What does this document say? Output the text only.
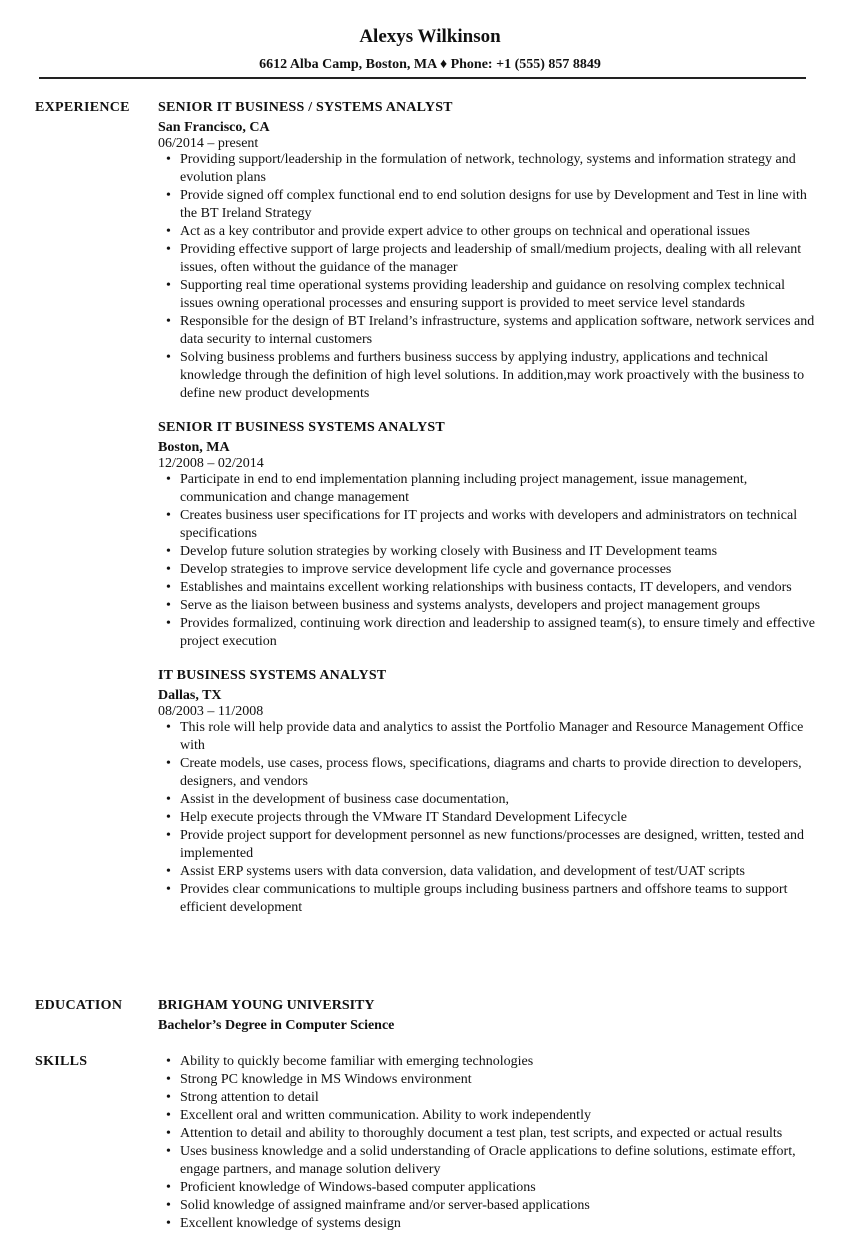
Alexys Wilkinson
6612 Alba Camp, Boston, MA ♦ Phone: +1 (555) 857 8849
EXPERIENCE SENIOR IT BUSINESS / SYSTEMS ANALYST
San Francisco, CA
06/2014 – present
• Providing support/leadership in the formulation of network, technology, systems and information strategy and evolution plans
• Provide signed off complex functional end to end solution designs for use by Development and Test in line with the BT Ireland Strategy
• Act as a key contributor and provide expert advice to other groups on technical and operational issues
• Providing effective support of large projects and leadership of small/medium projects, dealing with all relevant issues, often without the guidance of the manager
• Supporting real time operational systems providing leadership and guidance on resolving complex technical issues owning operational processes and ensuring support is provided to meet service level standards
• Responsible for the design of BT Ireland’s infrastructure, systems and application software, network services and data security to internal customers
• Solving business problems and furthers business success by applying industry, applications and technical knowledge through the definition of high level solutions. In addition,may work proactively with the business to define new product developments
SENIOR IT BUSINESS SYSTEMS ANALYST
Boston, MA
12/2008 – 02/2014
• Participate in end to end implementation planning including project management, issue management, communication and change management
• Creates business user specifications for IT projects and works with developers and administrators on technical specifications
• Develop future solution strategies by working closely with Business and IT Development teams
• Develop strategies to improve service development life cycle and governance processes
• Establishes and maintains excellent working relationships with business contacts, IT developers, and vendors
• Serve as the liaison between business and systems analysts, developers and project management groups
• Provides formalized, continuing work direction and leadership to assigned team(s), to ensure timely and effective project execution
IT BUSINESS SYSTEMS ANALYST
Dallas, TX
08/2003 – 11/2008
• This role will help provide data and analytics to assist the Portfolio Manager and Resource Management Office with
• Create models, use cases, process flows, specifications, diagrams and charts to provide direction to developers, designers, and vendors
• Assist in the development of business case documentation,
• Help execute projects through the VMware IT Standard Development Lifecycle
• Provide project support for development personnel as new functions/processes are designed, written, tested and implemented
• Assist ERP systems users with data conversion, data validation, and development of test/UAT scripts
• Provides clear communications to multiple groups including business partners and offshore teams to support efficient development
EDUCATION	BRIGHAM YOUNG UNIVERSITY
Bachelor’s Degree in Computer Science
SKILLS	• Ability to quickly become familiar with emerging technologies
• Strong PC knowledge in MS Windows environment
• Strong attention to detail
• Excellent oral and written communication. Ability to work independently
• Attention to detail and ability to thoroughly document a test plan, test scripts, and expected or actual results
• Uses business knowledge and a solid understanding of Oracle applications to define solutions, estimate effort, engage partners, and manage solution delivery
• Proficient knowledge of Windows-based computer applications
• Solid knowledge of assigned mainframe and/or server-based applications
• Excellent knowledge of systems design
